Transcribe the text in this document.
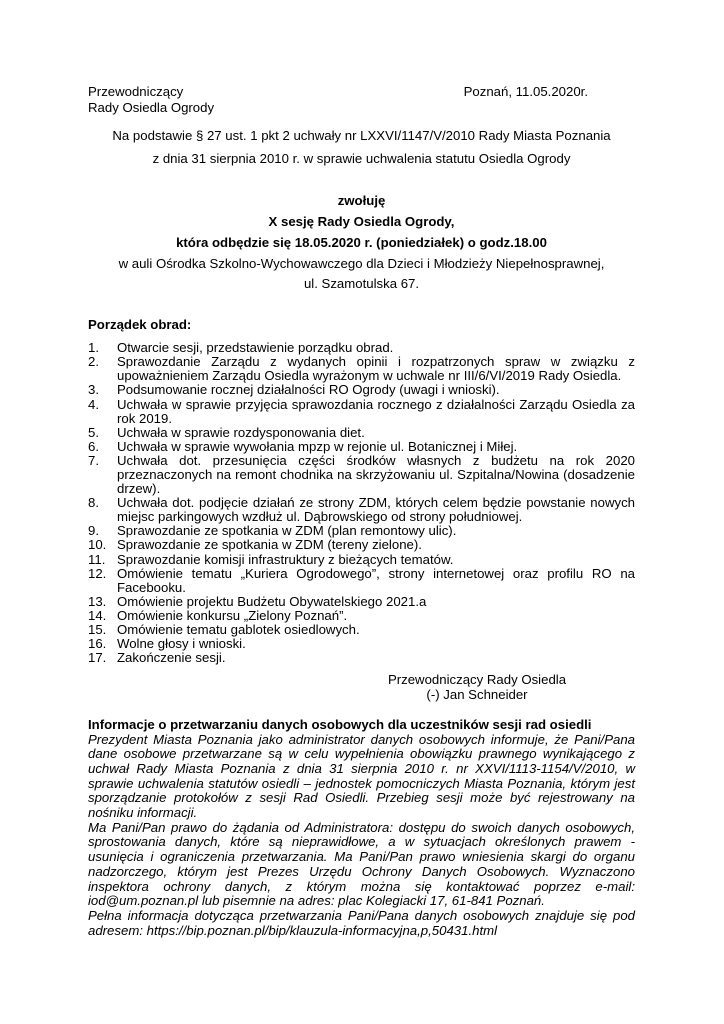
Przewodniczący
Rady Osiedla Ogrody
Poznań, 11.05.2020r.
Na podstawie § 27 ust. 1 pkt 2 uchwały nr LXXVI/1147/V/2010 Rady Miasta Poznania
z dnia 31 sierpnia 2010 r. w sprawie uchwalenia statutu Osiedla Ogrody
zwołuję
X sesję Rady Osiedla Ogrody,
która odbędzie się 18.05.2020 r. (poniedziałek) o godz.18.00
w auli Ośrodka Szkolno-Wychowawczego dla Dzieci i Młodzieży Niepełnosprawnej,
ul. Szamotulska 67.
Porządek obrad:
Otwarcie sesji, przedstawienie porządku obrad.
Sprawozdanie Zarządu z wydanych opinii i rozpatrzonych spraw w związku z upoważnieniem Zarządu Osiedla wyrażonym w uchwale nr III/6/VI/2019 Rady Osiedla.
Podsumowanie rocznej działalności RO Ogrody (uwagi i wnioski).
Uchwała w sprawie przyjęcia sprawozdania rocznego z działalności Zarządu Osiedla za rok 2019.
Uchwała w sprawie rozdysponowania diet.
Uchwała w sprawie wywołania mpzp w rejonie ul. Botanicznej i Miłej.
Uchwała dot. przesunięcia części środków własnych z budżetu na rok 2020 przeznaczonych na remont chodnika na skrzyżowaniu ul. Szpitalna/Nowina (dosadzenie drzew).
Uchwała dot. podjęcie działań ze strony ZDM, których celem będzie powstanie nowych miejsc parkingowych wzdłuż ul. Dąbrowskiego od strony południowej.
Sprawozdanie ze spotkania w ZDM (plan remontowy ulic).
Sprawozdanie ze spotkania w ZDM (tereny zielone).
Sprawozdanie komisji infrastruktury z bieżących tematów.
Omówienie tematu „Kuriera Ogrodowego”, strony internetowej oraz profilu RO na Facebooku.
Omówienie projektu Budżetu Obywatelskiego 2021.a
Omówienie konkursu „Zielony Poznań”.
Omówienie tematu gablotek osiedlowych.
Wolne głosy i wnioski.
Zakończenie sesji.
Przewodniczący Rady Osiedla
(-) Jan Schneider
Informacje o przetwarzaniu danych osobowych dla uczestników sesji rad osiedli

Prezydent Miasta Poznania jako administrator danych osobowych informuje, że Pani/Pana dane osobowe przetwarzane są w celu wypełnienia obowiązku prawnego wynikającego z uchwał Rady Miasta Poznania z dnia 31 sierpnia 2010 r. nr XXVI/1113-1154/V/2010, w sprawie uchwalenia statutów osiedli – jednostek pomocniczych Miasta Poznania, którym jest sporządzanie protokołów z sesji Rad Osiedli. Przebieg sesji może być rejestrowany na nośniku informacji.

Ma Pani/Pan prawo do żądania od Administratora: dostępu do swoich danych osobowych, sprostowania danych, które są nieprawidłowe, a w sytuacjach określonych prawem - usunięcia i ograniczenia przetwarzania. Ma Pani/Pan prawo wniesienia skargi do organu nadzorczego, którym jest Prezes Urzędu Ochrony Danych Osobowych. Wyznaczono inspektora ochrony danych, z którym można się kontaktować poprzez e-mail: iod@um.poznan.pl lub pisemnie na adres: plac Kolegiacki 17, 61-841 Poznań.

Pełna informacja dotycząca przetwarzania Pani/Pana danych osobowych znajduje się pod adresem: https://bip.poznan.pl/bip/klauzula-informacyjna,p,50431.html
